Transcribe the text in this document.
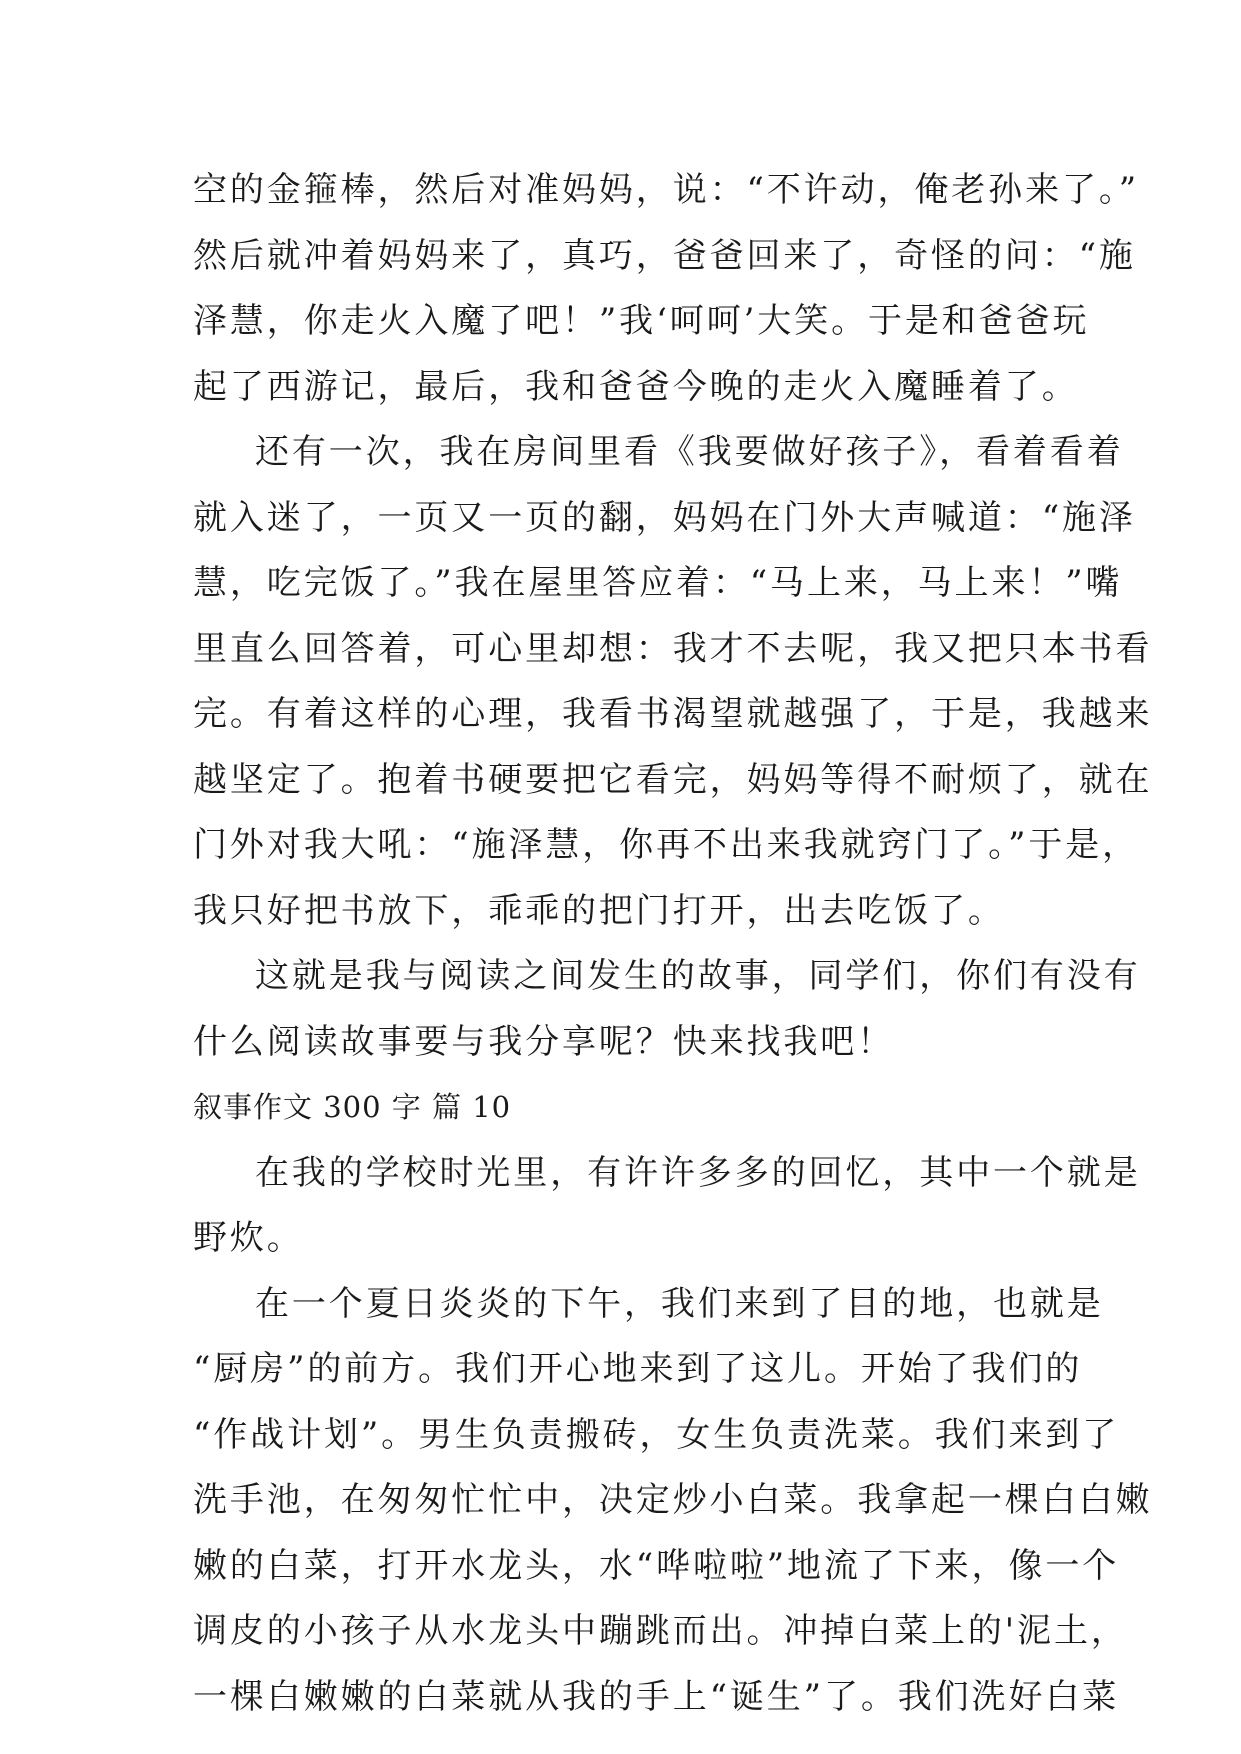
空的金箍棒，然后对准妈妈，说：“不许动，俺老孙来了。”
然后就冲着妈妈来了，真巧，爸爸回来了，奇怪的问：“施
泽慧，你走火入魔了吧！”我‘呵呵’大笑。于是和爸爸玩
起了西游记，最后，我和爸爸今晚的走火入魔睡着了。
还有一次，我在房间里看《我要做好孩子》，看着看着
就入迷了，一页又一页的翻，妈妈在门外大声喊道：“施泽
慧，吃完饭了。”我在屋里答应着：“马上来，马上来！”嘴
里直么回答着，可心里却想：我才不去呢，我又把只本书看
完。有着这样的心理，我看书渴望就越强了，于是，我越来
越坚定了。抱着书硬要把它看完，妈妈等得不耐烦了，就在
门外对我大吼：“施泽慧，你再不出来我就窍门了。”于是，
我只好把书放下，乖乖的把门打开，出去吃饭了。
这就是我与阅读之间发生的故事，同学们，你们有没有
什么阅读故事要与我分享呢？快来找我吧！
叙事作文 300 字 篇 10
在我的学校时光里，有许许多多的回忆，其中一个就是
野炊。
在一个夏日炎炎的下午，我们来到了目的地，也就是
“厨房”的前方。我们开心地来到了这儿。开始了我们的
“作战计划”。男生负责搬砖，女生负责洗菜。我们来到了
洗手池，在匆匆忙忙中，决定炒小白菜。我拿起一棵白白嫩
嫩的白菜，打开水龙头，水“哗啦啦”地流了下来，像一个
调皮的小孩子从水龙头中蹦跳而出。冲掉白菜上的'泥土，
一棵白嫩嫩的白菜就从我的手上“诞生”了。我们洗好白菜
